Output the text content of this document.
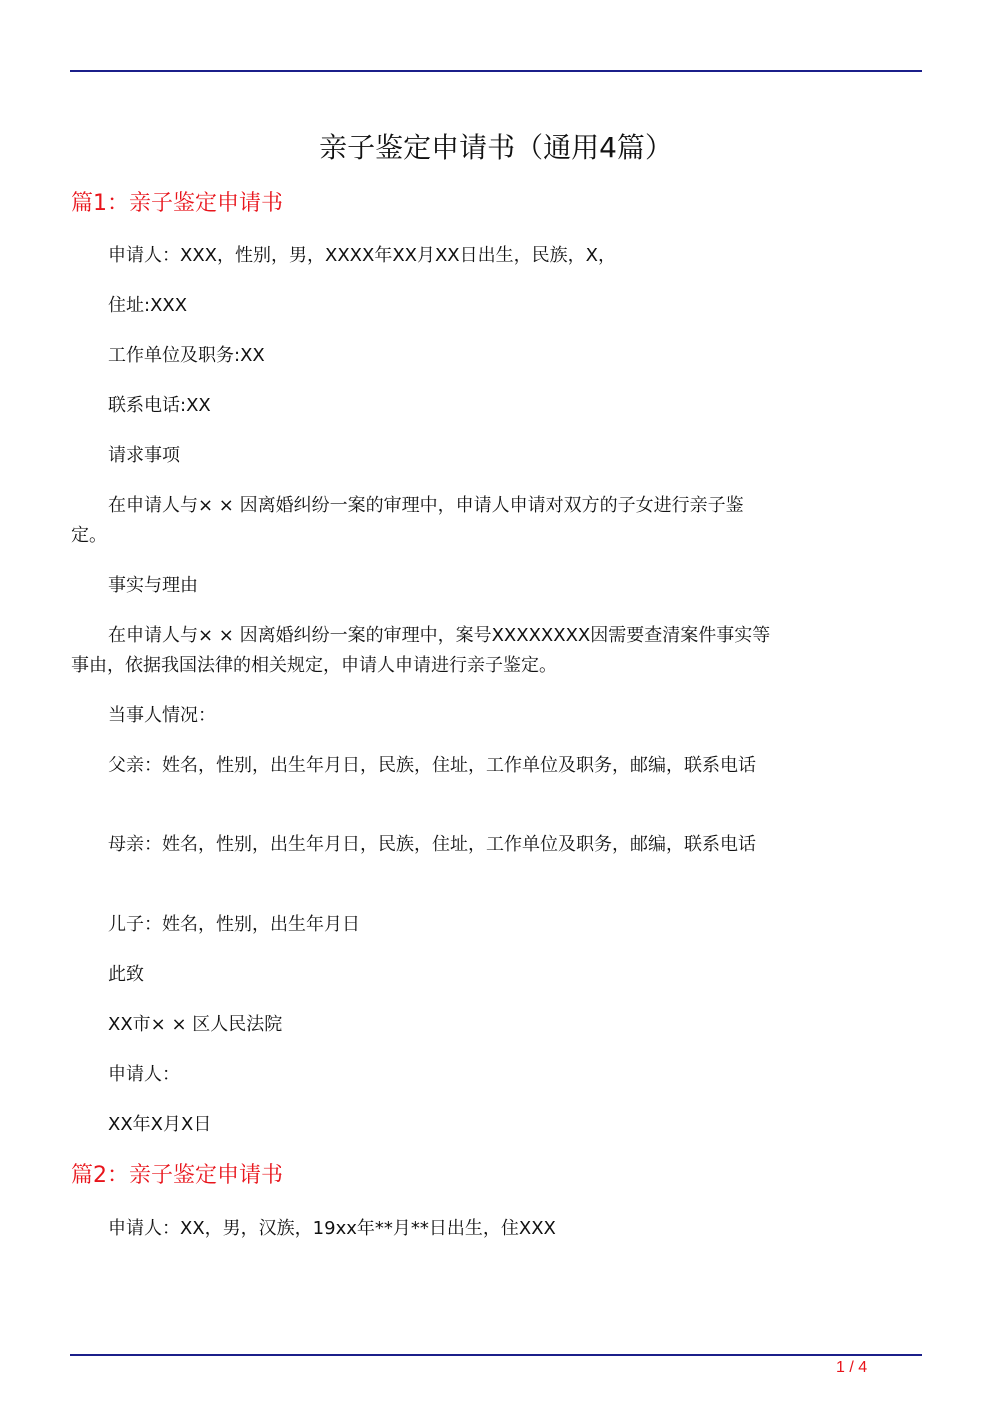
亲子鉴定申请书（通用4篇）
篇1：亲子鉴定申请书
申请人：XXX，性别，男，XXXX年XX月XX日出生，民族，X，
住址:XXX
工作单位及职务:XX
联系电话:XX
请求事项
在申请人与× × 因离婚纠纷一案的审理中，申请人申请对双方的子女进行亲子鉴定。
事实与理由
在申请人与× × 因离婚纠纷一案的审理中，案号XXXXXXXX因需要查清案件事实等事由，依据我国法律的相关规定，申请人申请进行亲子鉴定。
当事人情况：
父亲：姓名，性别，出生年月日，民族，住址，工作单位及职务，邮编，联系电话
母亲：姓名，性别，出生年月日，民族，住址，工作单位及职务，邮编，联系电话
儿子：姓名，性别，出生年月日
此致
XX市× × 区人民法院
申请人：
XX年X月X日
篇2：亲子鉴定申请书
申请人：XX，男，汉族，19xx年**月**日出生，住XXX
1 / 4
